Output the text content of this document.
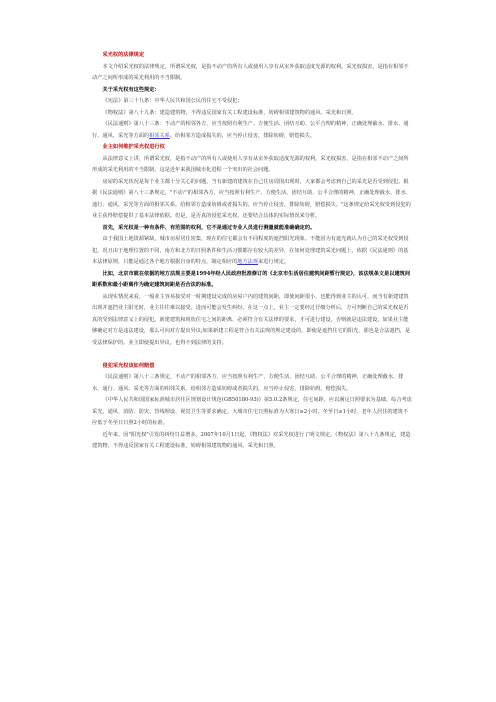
采光权的法律规定

本文介绍采光权的法律规定，所谓采光权，是指不动产的所有人或使用人享有从室外获取适度光源的权利。采光权损害，是指在相邻不动产之间所形成的采光利用的不当限制。

关于采光权有这些规定：

《宪法》第三十九条：中华人民共和国公民的住宅不受侵犯；

《物权法》第八十九条：建造建筑物，不得违反国家有关工程建设标准，妨碍相邻建筑物的通风、采光和日照。

《民法通则》第八十三条：不动产的相邻各方，应当按照有利生产、方便生活、团结互助、公平合理的精神，正确处理截水、排水、通行、通风、采光等方面的相邻关系。给相邻方造成损失的，应当停止侵害，排除妨碍，赔偿损失。

业主如何维护采光权进行权

从法律意义上讲，所谓采光权，是指不动产的所有人或使用人享有从室外获取适度光源的权利。采光权损害，是指在相邻不动产之间所形成的采光利用的不当限制。这是近年来我国城市化进程一个突出的社会问题。

房屋的采光状况是每个业主都十分关心的问题，当有新建的建筑在自己住房周围出现时，大家都会考虑到自己的采光是否受到侵犯。根据《民法通则》第八十三条规定，"不动产的相邻各方，应当按照有利生产、方便生活、团结互助、公平合理的精神，正确处理截水、排水、通行、通风、采光等方面的相邻关系。给相邻方造成妨碍或者损失的，应当停止侵害，排除妨碍，赔偿损失。"这条规定给采光权受到侵犯的业主获得赔偿提供了基本法律依据。但是，是否真的侵犯采光权，还要结合具体的实际情况来分析。

首先，采光权是一种有条件、有范围的权利，它不是通过专业人员进行测量就能准确确定的。

由于我国土地资源紧缺，城市房屋居住密集，现在的住宅都会有不同程度的遮挡阳光现象。不能因为有遮光就认为自己的采光权受到侵犯。况且由于地理位置的不同，南方和北方的日照条件和生活习惯都存在较大的差异，在如何处理建筑采光问题上，依据《民法通则》的基本法律原则，只能是通过各个地方根据自身的特点，制定相应的地方法规来进行规定。

比如，北京市就在依据的地方法规主要是1994年经人民政府批准修订的《北京市生活居住建筑间距暂行规定》，该法规条文是以建筑间距系数和最小距离作为确定建筑间距是否合法的标准。

从现实情况来看，一般业主容易接受对一时期建设完成的房屋户内的建筑间距，即使间距很小，也能得到业主的认可。而当有新建建筑出现并遮挡业主阳光时，业主往往难以接受，进而可能会发生纠纷。在这一点上，业主一定要经过仔细分析后，方可判断自己的采光权是否真的受到法律意义上的侵犯。新建建筑和现状住宅之间的距离，必须符合有关法律的要求，才可进行建设，否则就是违法建设。如果业主能够确定对方是违法建设，那么可向对方提出异议;如果新建工程是符合有关法规的规定建设的，即使是遮挡住宅的阳光，那也是合法遮挡，是受法律保护的。业主即使提出异议，也得不到法律的支持。

侵犯采光权该如何赔偿

《民法通则》第八十三条规定，不动产的相邻各方，应当按照有利生产、方便生活、团结互助、公平合理的精神，正确处理截水、排水、通行、通风、采光等方面的相邻关系。给相邻方造成妨碍或者损失的，应当停止侵害，排除妨碍，赔偿损失。

《中华人民共和国国家标准城市居住区规划设计规范(GB50180-93)》第5.0.2条规定，住宅间距，应以满足日照要求为基础，综合考虑采光、通风、消防、防灾、管线埋设、视觉卫生等要求确定。大城市住宅日照标准为大寒日≥2小时，冬至日≥1小时，老年人居住的建筑不应低于冬至日日照2小时的标准。

近年来，因"阳光权"引发的纠纷日益增多。2007年10月1日起，《物权法》对采光权进行了明文规定。《物权法》第八十九条规定，建造建筑物，不得违反国家有关工程建设标准，妨碍相邻建筑物的通风、采光和日照。
